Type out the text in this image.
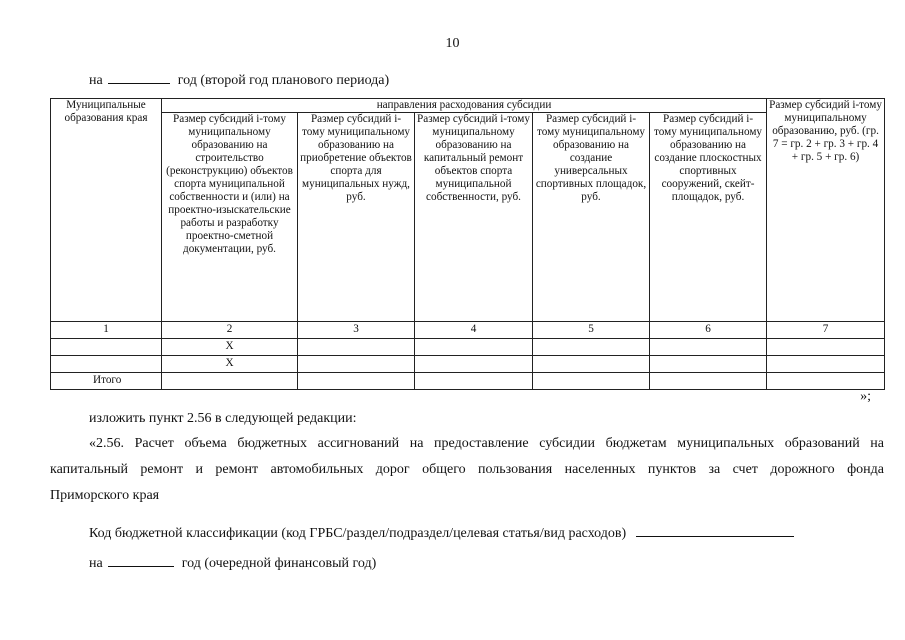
10
на	год (второй год планового периода)
Муниципальные образования края	направления расходования субсидии					Размер субсидий i-тому муниципальному образованию, руб. (гр. 7 = гр. 2 + гр. 3 + гр. 4 + гр. 5 + гр. 6)
	Размер субсидий i-тому муниципальному образованию на строительство (реконструкцию) объектов спорта муниципальной собственности и (или) на проектно-изыскательские работы и разработку проектно-сметной документации, руб.	Размер субсидий i-тому муниципальному образованию на приобретение объектов спорта для муниципальных нужд, руб.	Размер субсидий i-тому муниципальному образованию на капитальный ремонт объектов спорта муниципальной собственности, руб.	Размер субсидий i-тому муниципальному образованию на создание универсальных спортивных площадок, руб.	Размер субсидий i-тому муниципальному образованию на создание плоскостных спортивных сооружений, скейт-площадок, руб.	
1	2	3	4	5	6	7
	X					
	X					
Итого						
»;
изложить пункт 2.56 в следующей редакции:
«2.56. Расчет объема бюджетных ассигнований на предоставление субсидии бюджетам муниципальных образований на
капитальный ремонт и ремонт автомобильных дорог общего пользования населенных пунктов за счет дорожного фонда
Приморского края
Код бюджетной классификации (код ГРБС/раздел/подраздел/целевая статья/вид расходов)
на	год (очередной финансовый год)
